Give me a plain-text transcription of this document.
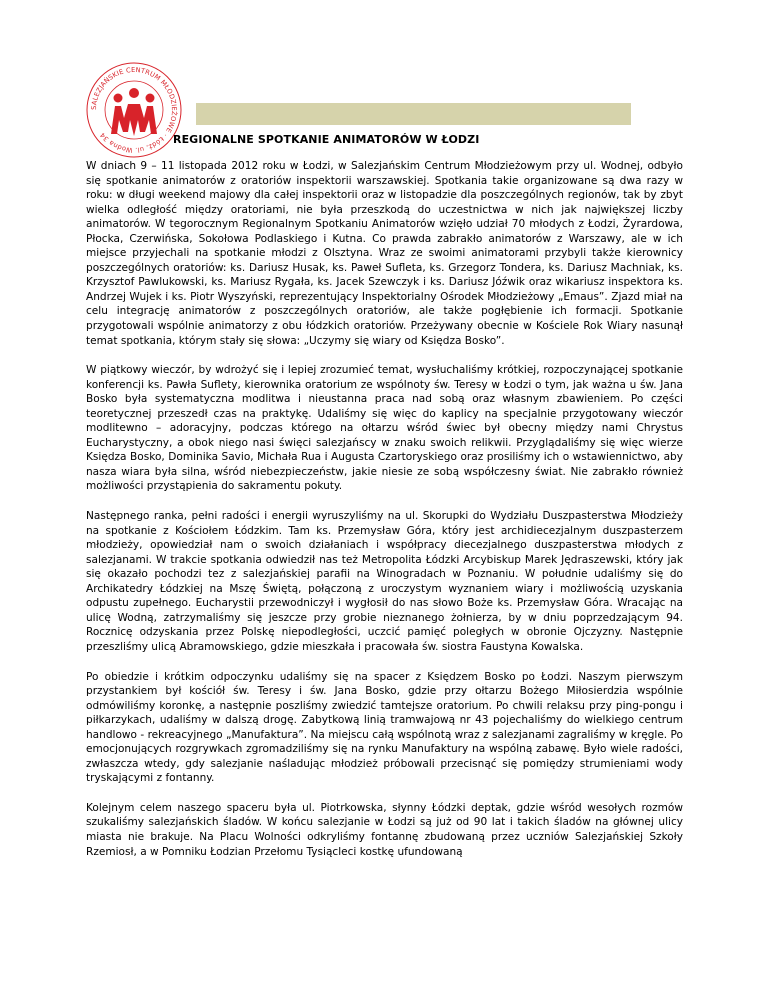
SALEZJAŃSKIE CENTRUM MŁODZIEŻOWE · Łódź, ul. Wodna 34	REGIONALNE SPOTKANIE ANIMATORÓW W ŁODZI

W dniach 9 – 11 listopada 2012 roku w Łodzi, w Salezjańskim Centrum Młodzieżowym przy ul. Wodnej, odbyło się spotkanie animatorów z oratoriów inspektorii warszawskiej. Spotkania takie organizowane są dwa razy w roku: w długi weekend majowy dla całej inspektorii oraz w listopadzie dla poszczególnych regionów, tak by zbyt wielka odległość między oratoriami, nie była przeszkodą do uczestnictwa w nich jak największej liczby animatorów. W tegorocznym Regionalnym Spotkaniu Animatorów wzięło udział 70 młodych z Łodzi, Żyrardowa, Płocka, Czerwińska, Sokołowa Podlaskiego i Kutna. Co prawda zabrakło animatorów z Warszawy, ale w ich miejsce przyjechali na spotkanie młodzi z Olsztyna. Wraz ze swoimi animatorami przybyli także kierownicy poszczególnych oratoriów: ks. Dariusz Husak, ks. Paweł Sufleta, ks. Grzegorz Tondera, ks. Dariusz Machniak, ks. Krzysztof Pawlukowski, ks. Mariusz Rygała, ks. Jacek Szewczyk i ks. Dariusz Jóźwik oraz wikariusz inspektora ks. Andrzej Wujek i ks. Piotr Wyszyński, reprezentujący Inspektorialny Ośrodek Młodzieżowy „Emaus”. Zjazd miał na celu integrację animatorów z poszczególnych oratoriów, ale także pogłębienie ich formacji. Spotkanie przygotowali wspólnie animatorzy z obu łódzkich oratoriów. Przeżywany obecnie w Kościele Rok Wiary nasunął temat spotkania, którym stały się słowa: „Uczymy się wiary od Księdza Bosko”.

W piątkowy wieczór, by wdrożyć się i lepiej zrozumieć temat, wysłuchaliśmy krótkiej, rozpoczynającej spotkanie konferencji ks. Pawła Suflety, kierownika oratorium ze wspólnoty św. Teresy w Łodzi o tym, jak ważna u św. Jana Bosko była systematyczna modlitwa i nieustanna praca nad sobą oraz własnym zbawieniem. Po części teoretycznej przeszedł czas na praktykę. Udaliśmy się więc do kaplicy na specjalnie przygotowany wieczór modlitewno – adoracyjny, podczas którego na ołtarzu wśród świec był obecny między nami Chrystus Eucharystyczny, a obok niego nasi święci salezjańscy w znaku swoich relikwii. Przyglądaliśmy się więc wierze Księdza Bosko, Dominika Savio, Michała Rua i Augusta Czartoryskiego oraz prosiliśmy ich o wstawiennictwo, aby nasza wiara była silna, wśród niebezpieczeństw, jakie niesie ze sobą współczesny świat. Nie zabrakło również możliwości przystąpienia do sakramentu pokuty.

Następnego ranka, pełni radości i energii wyruszyliśmy na ul. Skorupki do Wydziału Duszpasterstwa Młodzieży na spotkanie z Kościołem Łódzkim. Tam ks. Przemysław Góra, który jest archidiecezjalnym duszpasterzem młodzieży, opowiedział nam o swoich działaniach i współpracy diecezjalnego duszpasterstwa młodych z salezjanami. W trakcie spotkania odwiedził nas też Metropolita Łódzki Arcybiskup Marek Jędraszewski, który jak się okazało pochodzi tez z salezjańskiej parafii na Winogradach w Poznaniu. W południe udaliśmy się do Archikatedry Łódzkiej na Mszę Świętą, połączoną z uroczystym wyznaniem wiary i możliwością uzyskania odpustu zupełnego. Eucharystii przewodniczył i wygłosił do nas słowo Boże ks. Przemysław Góra. Wracając na ulicę Wodną, zatrzymaliśmy się jeszcze przy grobie nieznanego żołnierza, by w dniu poprzedzającym 94. Rocznicę odzyskania przez Polskę niepodległości, uczcić pamięć poległych w obronie Ojczyzny. Następnie przeszliśmy ulicą Abramowskiego, gdzie mieszkała i pracowała św. siostra Faustyna Kowalska.

Po obiedzie i krótkim odpoczynku udaliśmy się na spacer z Księdzem Bosko po Łodzi. Naszym pierwszym przystankiem był kościół św. Teresy i św. Jana Bosko, gdzie przy ołtarzu Bożego Miłosierdzia wspólnie odmówiliśmy koronkę, a następnie poszliśmy zwiedzić tamtejsze oratorium. Po chwili relaksu przy ping-pongu i piłkarzykach, udaliśmy w dalszą drogę. Zabytkową linią tramwajową nr 43 pojechaliśmy do wielkiego centrum handlowo - rekreacyjnego „Manufaktura”. Na miejscu całą wspólnotą wraz z salezjanami zagraliśmy w kręgle. Po emocjonujących rozgrywkach zgromadziliśmy się na rynku Manufaktury na wspólną zabawę. Było wiele radości, zwłaszcza wtedy, gdy salezjanie naśladując młodzież próbowali przecisnąć się pomiędzy strumieniami wody tryskającymi z fontanny.

Kolejnym celem naszego spaceru była ul. Piotrkowska, słynny Łódzki deptak, gdzie wśród wesołych rozmów szukaliśmy salezjańskich śladów. W końcu salezjanie w Łodzi są już od 90 lat i takich śladów na głównej ulicy miasta nie brakuje. Na Placu Wolności odkryliśmy fontannę zbudowaną przez uczniów Salezjańskiej Szkoły Rzemiosł, a w Pomniku Łodzian Przełomu Tysiącleci kostkę ufundowaną
